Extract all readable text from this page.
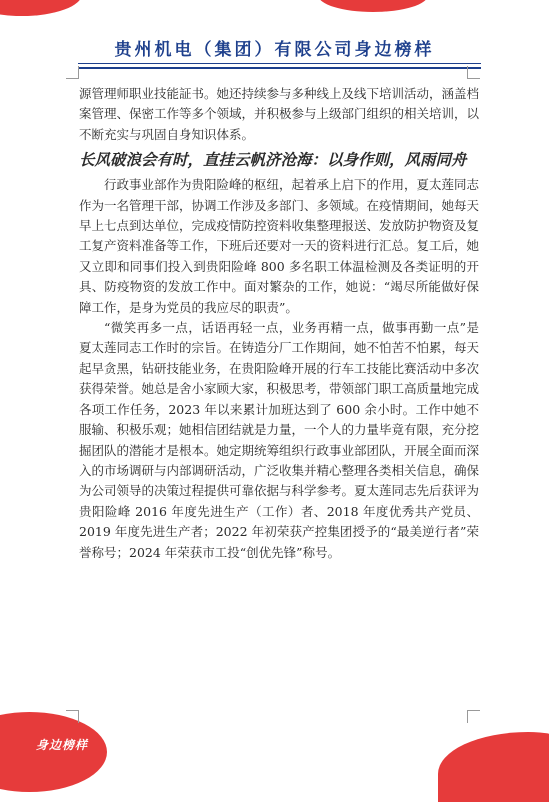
贵州机电（集团）有限公司身边榜样

源管理师职业技能証书。她还持续参与多种线上及线下培训活动，涵盖档案管理、保密工作等多个领域，并积极参与上级部门组织的相关培训，以不断充实与巩固自身知识体系。

长风破浪会有时，直挂云帆济沧海：以身作则，风雨同舟

行政事业部作为贵阳险峰的枢纽，起着承上启下的作用，夏太莲同志作为一名管理干部，协调工作涉及多部门、多领域。在疫情期间，她每天早上七点到达单位，完成疫情防控资料收集整理报送、发放防护物资及复工复产资料准备等工作，下班后还要对一天的资料进行汇总。复工后，她又立即和同事们投入到贵阳险峰 800 多名职工体温检测及各类证明的开具、防疫物资的发放工作中。面对繁杂的工作，她说：“竭尽所能做好保障工作，是身为党员的我应尽的职责”。

“微笑再多一点，话语再轻一点，业务再精一点，做事再勤一点”是夏太莲同志工作时的宗旨。在铸造分厂工作期间，她不怕苦不怕累，每天起早贪黑，钻研技能业务，在贵阳险峰开展的行车工技能比赛活动中多次获得荣誉。她总是舍小家顾大家，积极思考，带领部门职工高质量地完成各项工作任务，2023 年以来累计加班达到了 600 余小时。工作中她不服输、积极乐观；她相信团结就是力量，一个人的力量毕竟有限，充分挖掘团队的潜能才是根本。她定期统筹组织行政事业部团队，开展全面而深入的市场调研与内部调研活动，广泛收集并精心整理各类相关信息，确保为公司领导的决策过程提供可靠依据与科学参考。夏太莲同志先后获评为贵阳险峰 2016 年度先进生产（工作）者、2018 年度优秀共产党员、2019 年度先进生产者；2022 年初荣获产控集团授予的“最美逆行者”荣誉称号；2024 年荣获市工投“创优先锋”称号。

身边榜样
